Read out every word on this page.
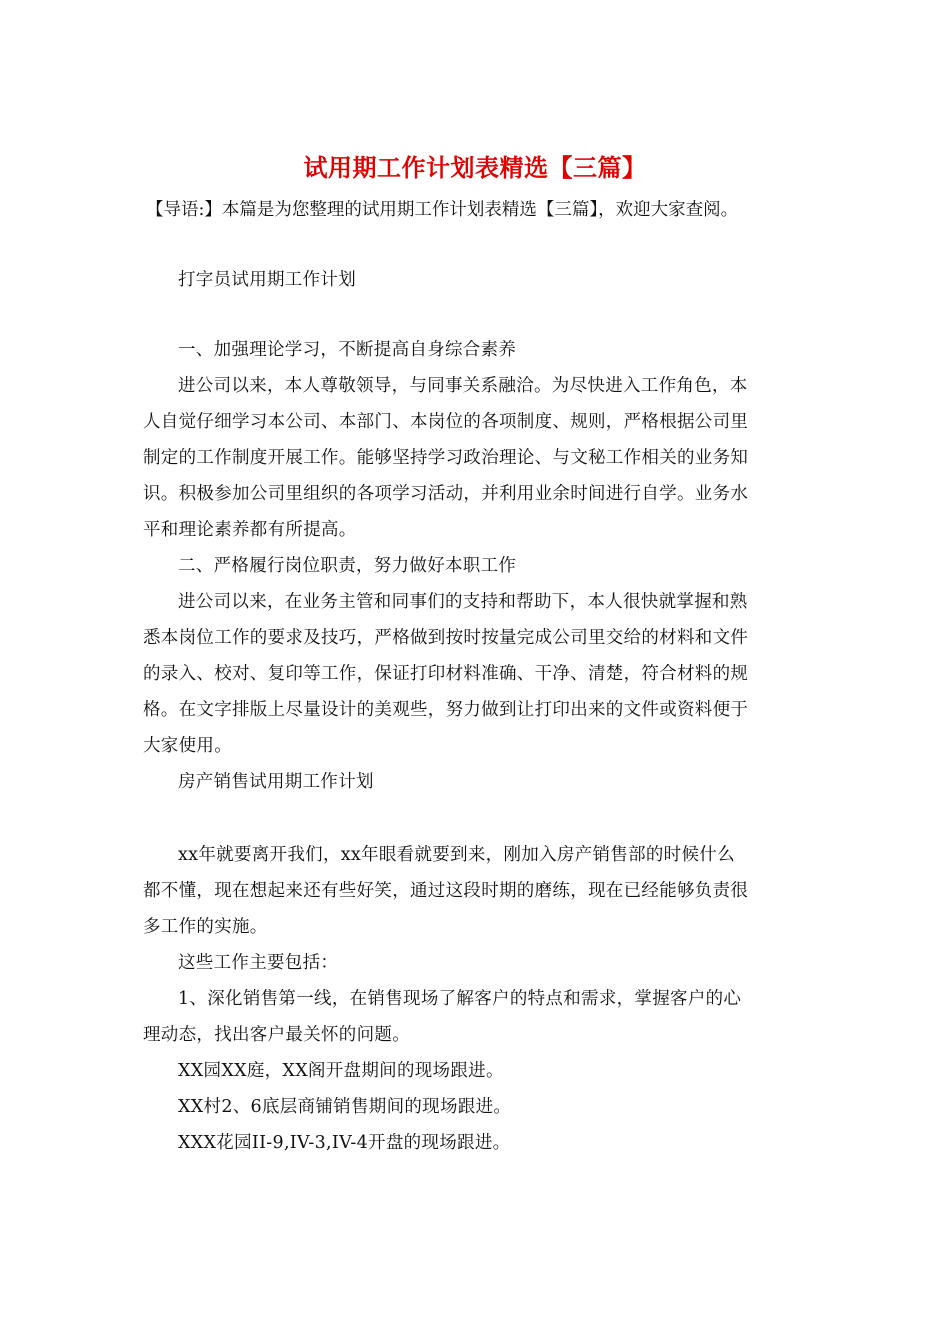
试用期工作计划表精选【三篇】
【导语:】本篇是为您整理的试用期工作计划表精选【三篇】，欢迎大家查阅。

打字员试用期工作计划

一、加强理论学习，不断提高自身综合素养

进公司以来，本人尊敬领导，与同事关系融洽。为尽快进入工作角色，本
人自觉仔细学习本公司、本部门、本岗位的各项制度、规则，严格根据公司里
制定的工作制度开展工作。能够坚持学习政治理论、与文秘工作相关的业务知
识。积极参加公司里组织的各项学习活动，并利用业余时间进行自学。业务水
平和理论素养都有所提高。

二、严格履行岗位职责，努力做好本职工作

进公司以来，在业务主管和同事们的支持和帮助下，本人很快就掌握和熟
悉本岗位工作的要求及技巧，严格做到按时按量完成公司里交给的材料和文件
的录入、校对、复印等工作，保证打印材料准确、干净、清楚，符合材料的规
格。在文字排版上尽量设计的美观些，努力做到让打印出来的文件或资料便于
大家使用。

房产销售试用期工作计划

xx年就要离开我们，xx年眼看就要到来，刚加入房产销售部的时候什么
都不懂，现在想起来还有些好笑，通过这段时期的磨练，现在已经能够负责很
多工作的实施。
这些工作主要包括：
1、深化销售第一线，在销售现场了解客户的特点和需求，掌握客户的心
理动态，找出客户最关怀的问题。
XX园XX庭，XX阁开盘期间的现场跟进。
XX村2、6底层商铺销售期间的现场跟进。
XXX花园II-9,IV-3,IV-4开盘的现场跟进。
